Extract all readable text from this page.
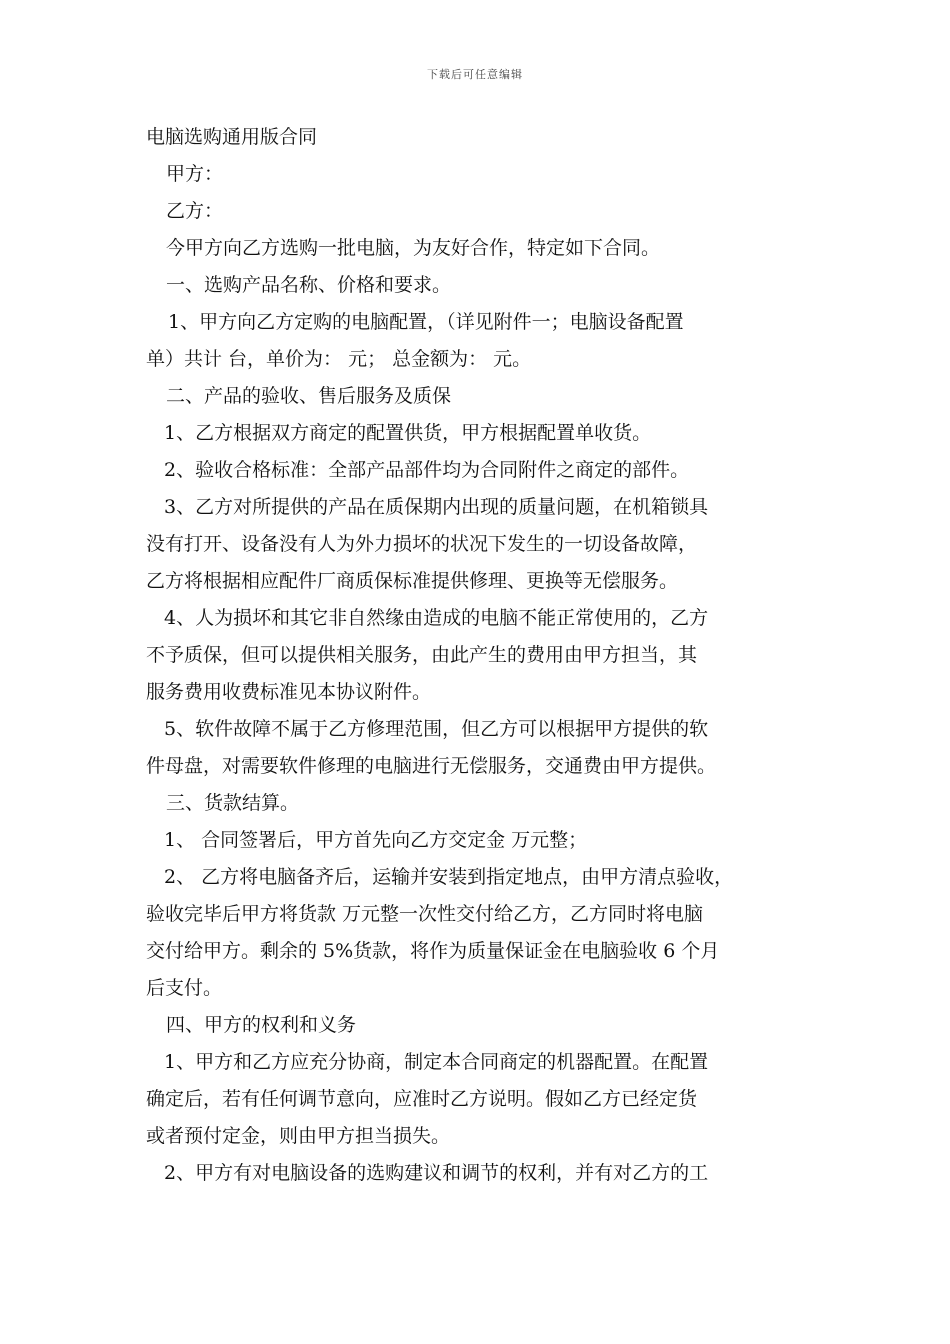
下载后可任意编辑
电脑选购通用版合同
甲方：
乙方：
今甲方向乙方选购一批电脑，为友好合作，特定如下合同。
一、选购产品名称、价格和要求。
1、甲方向乙方定购的电脑配置，（详见附件一；电脑设备配置
单）共计 台，单价为： 元； 总金额为： 元。
二、产品的验收、售后服务及质保
1、乙方根据双方商定的配置供货，甲方根据配置单收货。
2、验收合格标准：全部产品部件均为合同附件之商定的部件。
3、乙方对所提供的产品在质保期内出现的质量问题，在机箱锁具
没有打开、设备没有人为外力损坏的状况下发生的一切设备故障，
乙方将根据相应配件厂商质保标准提供修理、更换等无偿服务。
4、人为损坏和其它非自然缘由造成的电脑不能正常使用的，乙方
不予质保，但可以提供相关服务，由此产生的费用由甲方担当，其
服务费用收费标准见本协议附件。
5、软件故障不属于乙方修理范围，但乙方可以根据甲方提供的软
件母盘，对需要软件修理的电脑进行无偿服务，交通费由甲方提供。
三、货款结算。
1、 合同签署后，甲方首先向乙方交定金 万元整；
2、 乙方将电脑备齐后，运输并安装到指定地点，由甲方清点验收，
验收完毕后甲方将货款 万元整一次性交付给乙方，乙方同时将电脑
交付给甲方。剩余的 5%货款，将作为质量保证金在电脑验收 6 个月
后支付。
四、甲方的权利和义务
1、甲方和乙方应充分协商，制定本合同商定的机器配置。在配置
确定后，若有任何调节意向，应准时乙方说明。假如乙方已经定货
或者预付定金，则由甲方担当损失。
2、甲方有对电脑设备的选购建议和调节的权利，并有对乙方的工
